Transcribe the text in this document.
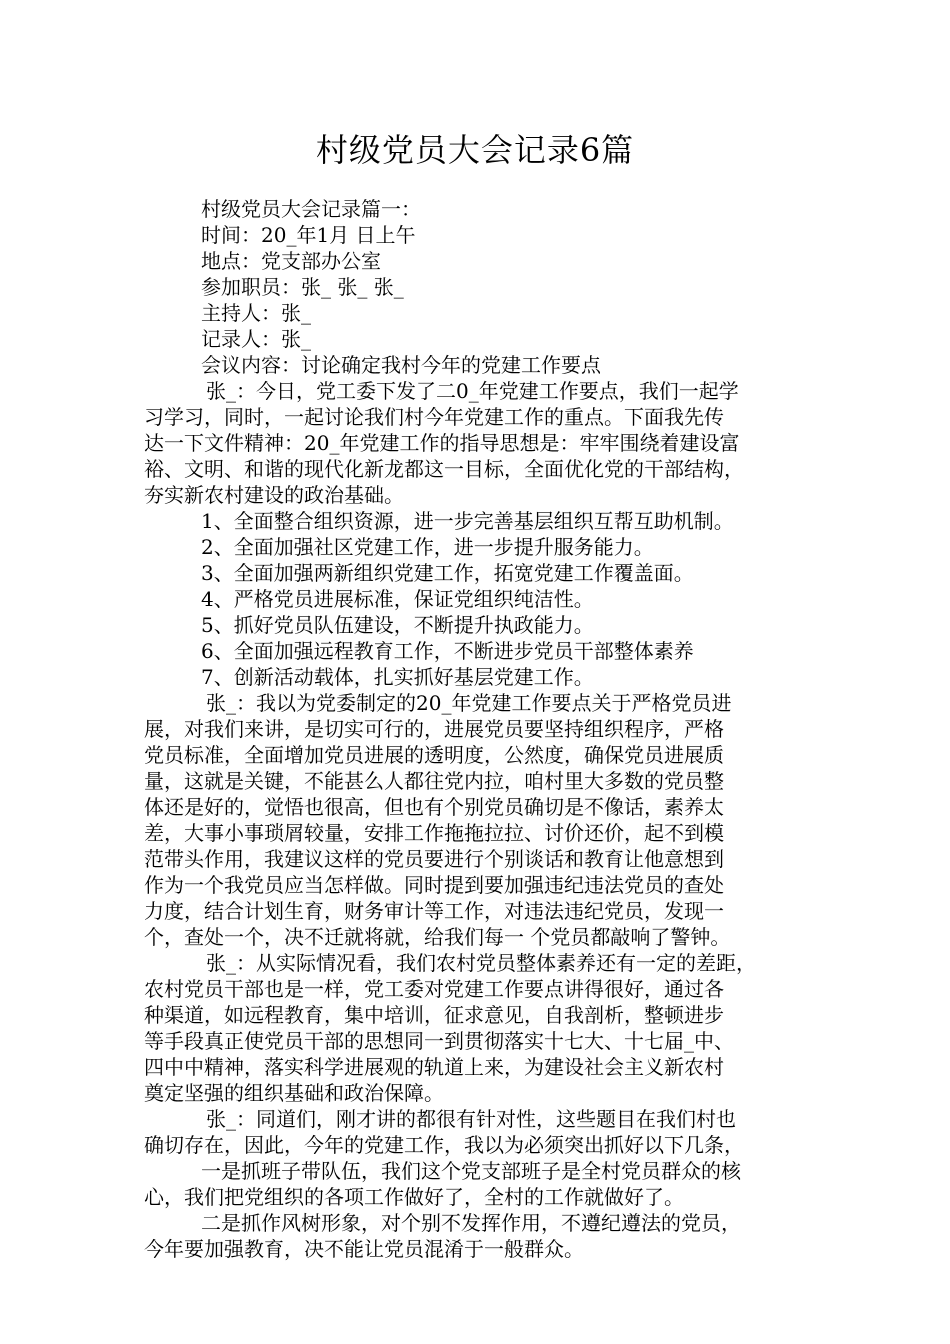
村级党员大会记录6篇
村级党员大会记录篇一：
时间：20_年1月 日上午
地点：党支部办公室
参加职员：张_ 张_ 张_
主持人：张_
记录人：张_
会议内容：讨论确定我村今年的党建工作要点
张_：今日，党工委下发了二0_年党建工作要点，我们一起学
习学习，同时，一起讨论我们村今年党建工作的重点。下面我先传
达一下文件精神：20_年党建工作的指导思想是：牢牢围绕着建设富
裕、文明、和谐的现代化新龙都这一目标，全面优化党的干部结构，
夯实新农村建设的政治基础。
1、全面整合组织资源，进一步完善基层组织互帮互助机制。
2、全面加强社区党建工作，进一步提升服务能力。
3、全面加强两新组织党建工作，拓宽党建工作覆盖面。
4、严格党员进展标准，保证党组织纯洁性。
5、抓好党员队伍建设，不断提升执政能力。
6、全面加强远程教育工作，不断进步党员干部整体素养
7、创新活动载体，扎实抓好基层党建工作。
张_：我以为党委制定的20_年党建工作要点关于严格党员进
展，对我们来讲，是切实可行的，进展党员要坚持组织程序，严格
党员标准，全面增加党员进展的透明度，公然度，确保党员进展质
量，这就是关键，不能甚么人都往党内拉，咱村里大多数的党员整
体还是好的，觉悟也很高，但也有个别党员确切是不像话，素养太
差，大事小事琐屑较量，安排工作拖拖拉拉、讨价还价，起不到模
范带头作用，我建议这样的党员要进行个别谈话和教育让他意想到
作为一个我党员应当怎样做。同时提到要加强违纪违法党员的查处
力度，结合计划生育，财务审计等工作，对违法违纪党员，发现一
个，查处一个，决不迁就将就，给我们每一 个党员都敲响了警钟。
张_：从实际情况看，我们农村党员整体素养还有一定的差距，
农村党员干部也是一样，党工委对党建工作要点讲得很好，通过各
种渠道，如远程教育，集中培训，征求意见，自我剖析，整顿进步
等手段真正使党员干部的思想同一到贯彻落实十七大、十七届_中、
四中中精神，落实科学进展观的轨道上来，为建设社会主义新农村
奠定坚强的组织基础和政治保障。
张_：同道们，刚才讲的都很有针对性，这些题目在我们村也
确切存在，因此，今年的党建工作，我以为必须突出抓好以下几条，
一是抓班子带队伍，我们这个党支部班子是全村党员群众的核
心，我们把党组织的各项工作做好了，全村的工作就做好了。
二是抓作风树形象，对个别不发挥作用，不遵纪遵法的党员，
今年要加强教育，决不能让党员混淆于一般群众。
